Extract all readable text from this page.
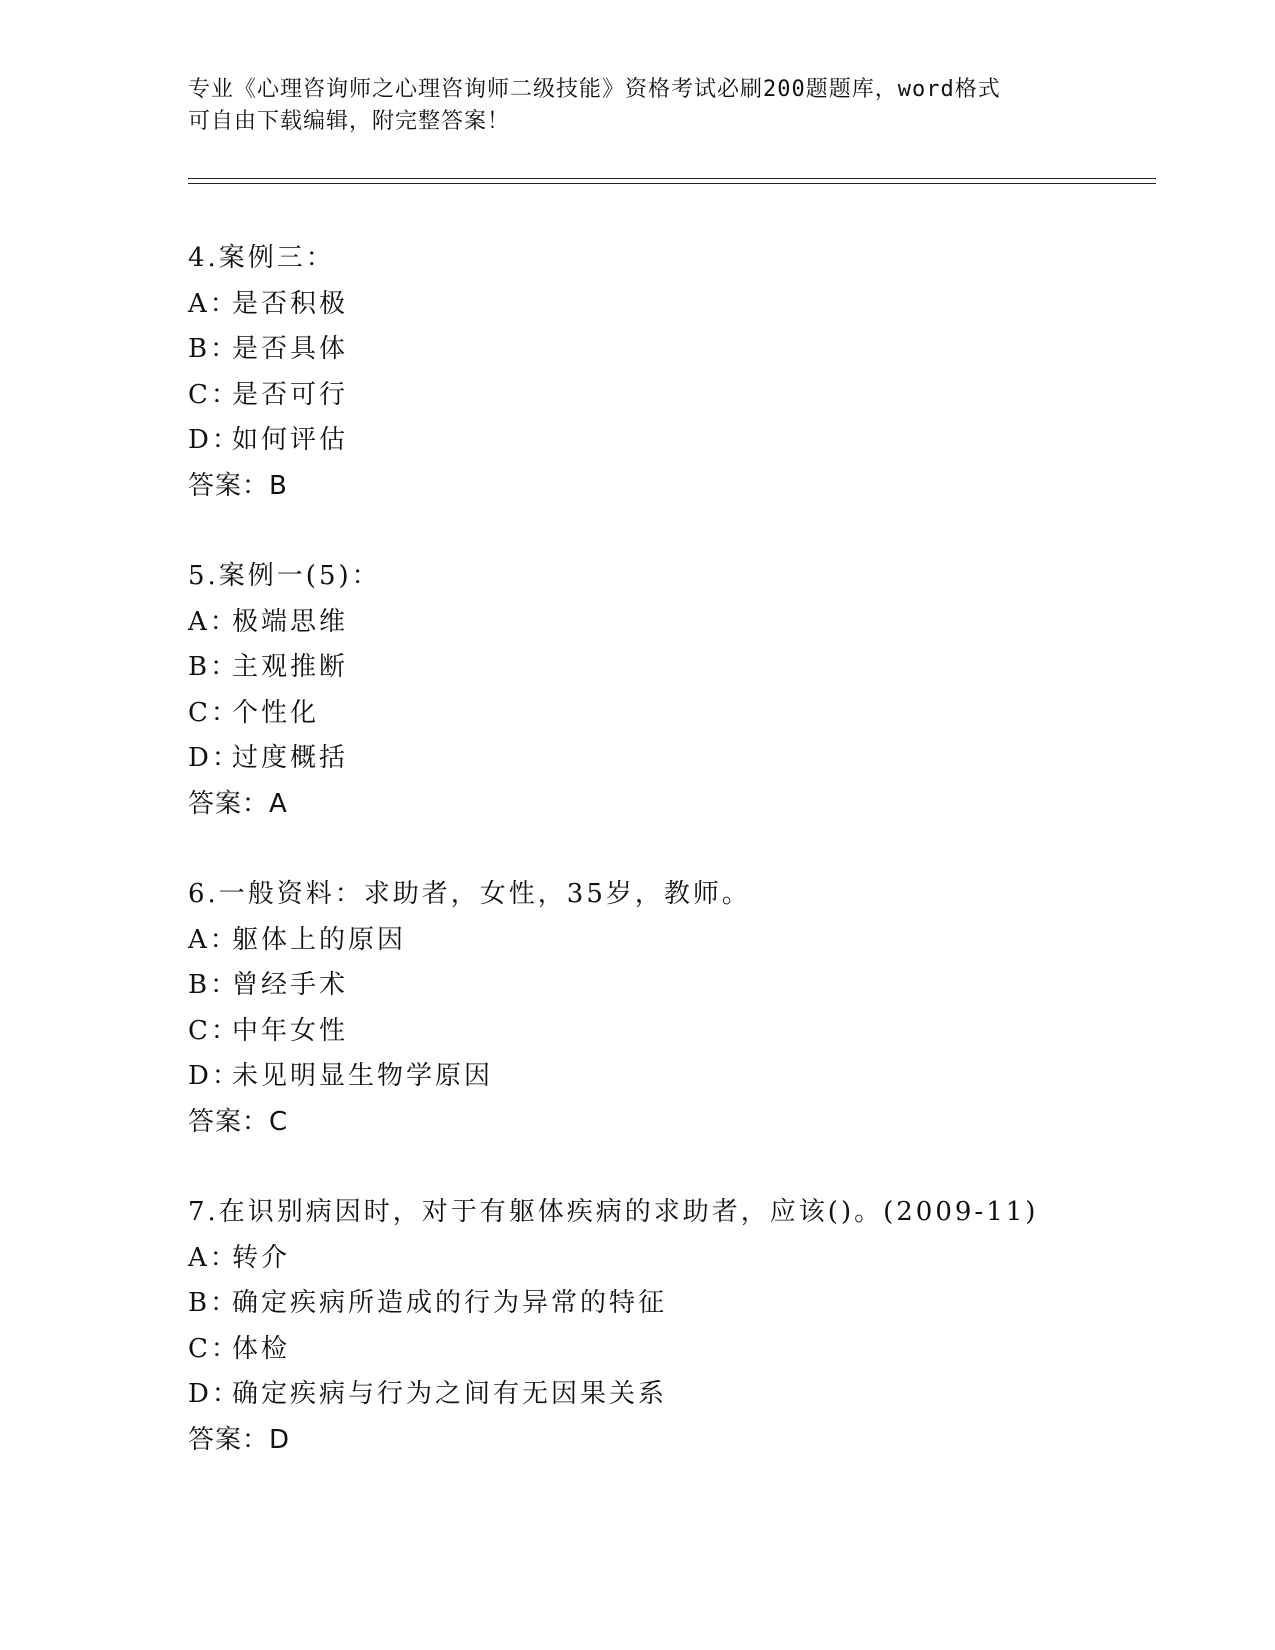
专业《心理咨询师之心理咨询师二级技能》资格考试必刷200题题库，word格式
可自由下载编辑，附完整答案！
4.案例三：
A：是否积极
B：是否具体
C：是否可行
D：如何评估
答案：B
5.案例一(5)：
A：极端思维
B：主观推断
C：个性化
D：过度概括
答案：A
6.一般资料：求助者，女性，35岁，教师。
A：躯体上的原因
B：曾经手术
C：中年女性
D：未见明显生物学原因
答案：C
7.在识别病因时，对于有躯体疾病的求助者，应该()。(2009-11)
A：转介
B：确定疾病所造成的行为异常的特征
C：体检
D：确定疾病与行为之间有无因果关系
答案：D
